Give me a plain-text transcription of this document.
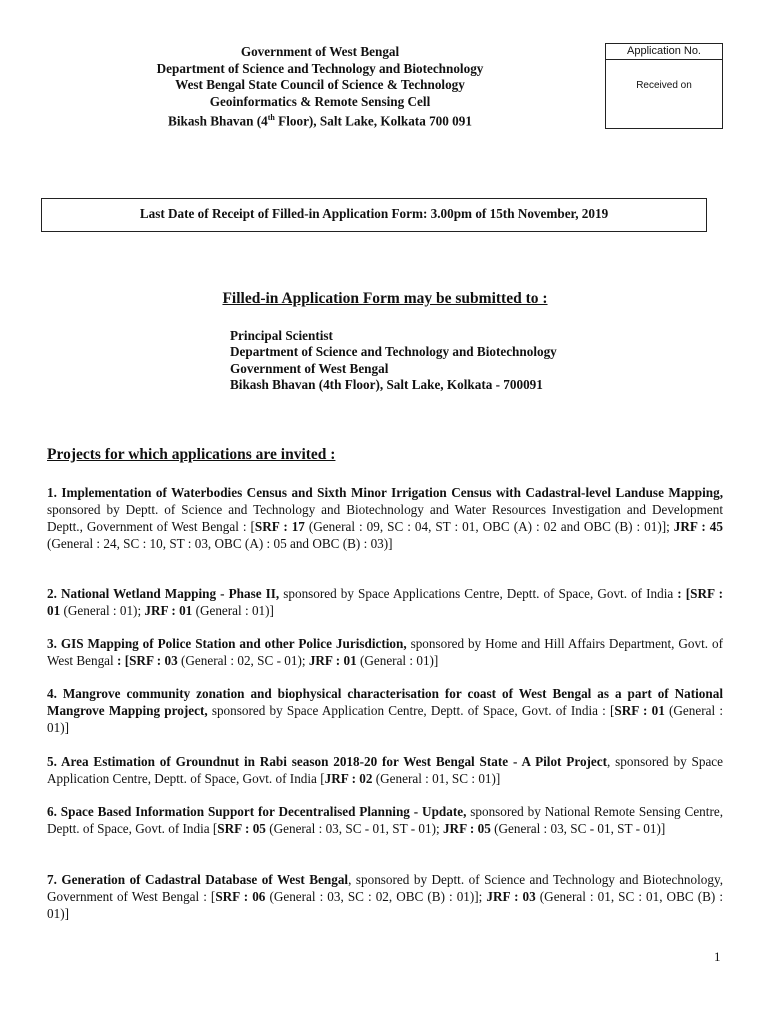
Government of West Bengal
Department of Science and Technology and Biotechnology
West Bengal State Council of Science & Technology
Geoinformatics & Remote Sensing Cell
Bikash Bhavan (4th Floor), Salt Lake, Kolkata 700 091
Application No.
Received on
Last Date of Receipt of Filled-in Application Form: 3.00pm of 15th November, 2019
Filled-in Application Form may be submitted to :
Principal Scientist
Department of Science and Technology and Biotechnology
Government of West Bengal
Bikash Bhavan (4th Floor), Salt Lake, Kolkata - 700091
Projects for which applications are invited :
1. Implementation of Waterbodies Census and Sixth Minor Irrigation Census with Cadastral-level Landuse Mapping, sponsored by Deptt. of Science and Technology and Biotechnology and Water Resources Investigation and Development Deptt., Government of West Bengal : [SRF : 17 (General : 09, SC : 04, ST : 01, OBC (A) : 02 and OBC (B) : 01)]; JRF : 45 (General : 24, SC : 10, ST : 03, OBC (A) : 05 and OBC (B) : 03)]
2. National Wetland Mapping - Phase II, sponsored by Space Applications Centre, Deptt. of Space, Govt. of India : [SRF : 01 (General : 01); JRF : 01 (General : 01)]
3. GIS Mapping of Police Station and other Police Jurisdiction, sponsored by Home and Hill Affairs Department, Govt. of West Bengal : [SRF : 03 (General : 02, SC - 01); JRF : 01 (General : 01)]
4. Mangrove community zonation and biophysical characterisation for coast of West Bengal as a part of National Mangrove Mapping project, sponsored by Space Application Centre, Deptt. of Space, Govt. of India : [SRF : 01 (General : 01)]
5. Area Estimation of Groundnut in Rabi season 2018-20 for West Bengal State - A Pilot Project, sponsored by Space Application Centre, Deptt. of Space, Govt. of India [JRF : 02 (General : 01, SC : 01)]
6. Space Based Information Support for Decentralised Planning - Update, sponsored by National Remote Sensing Centre, Deptt. of Space, Govt. of India [SRF : 05 (General : 03, SC - 01, ST - 01); JRF : 05 (General : 03, SC - 01, ST - 01)]
7. Generation of Cadastral Database of West Bengal, sponsored by Deptt. of Science and Technology and Biotechnology, Government of West Bengal : [SRF : 06 (General : 03, SC : 02, OBC (B) : 01)]; JRF : 03 (General : 01, SC : 01, OBC (B) : 01)]
1
